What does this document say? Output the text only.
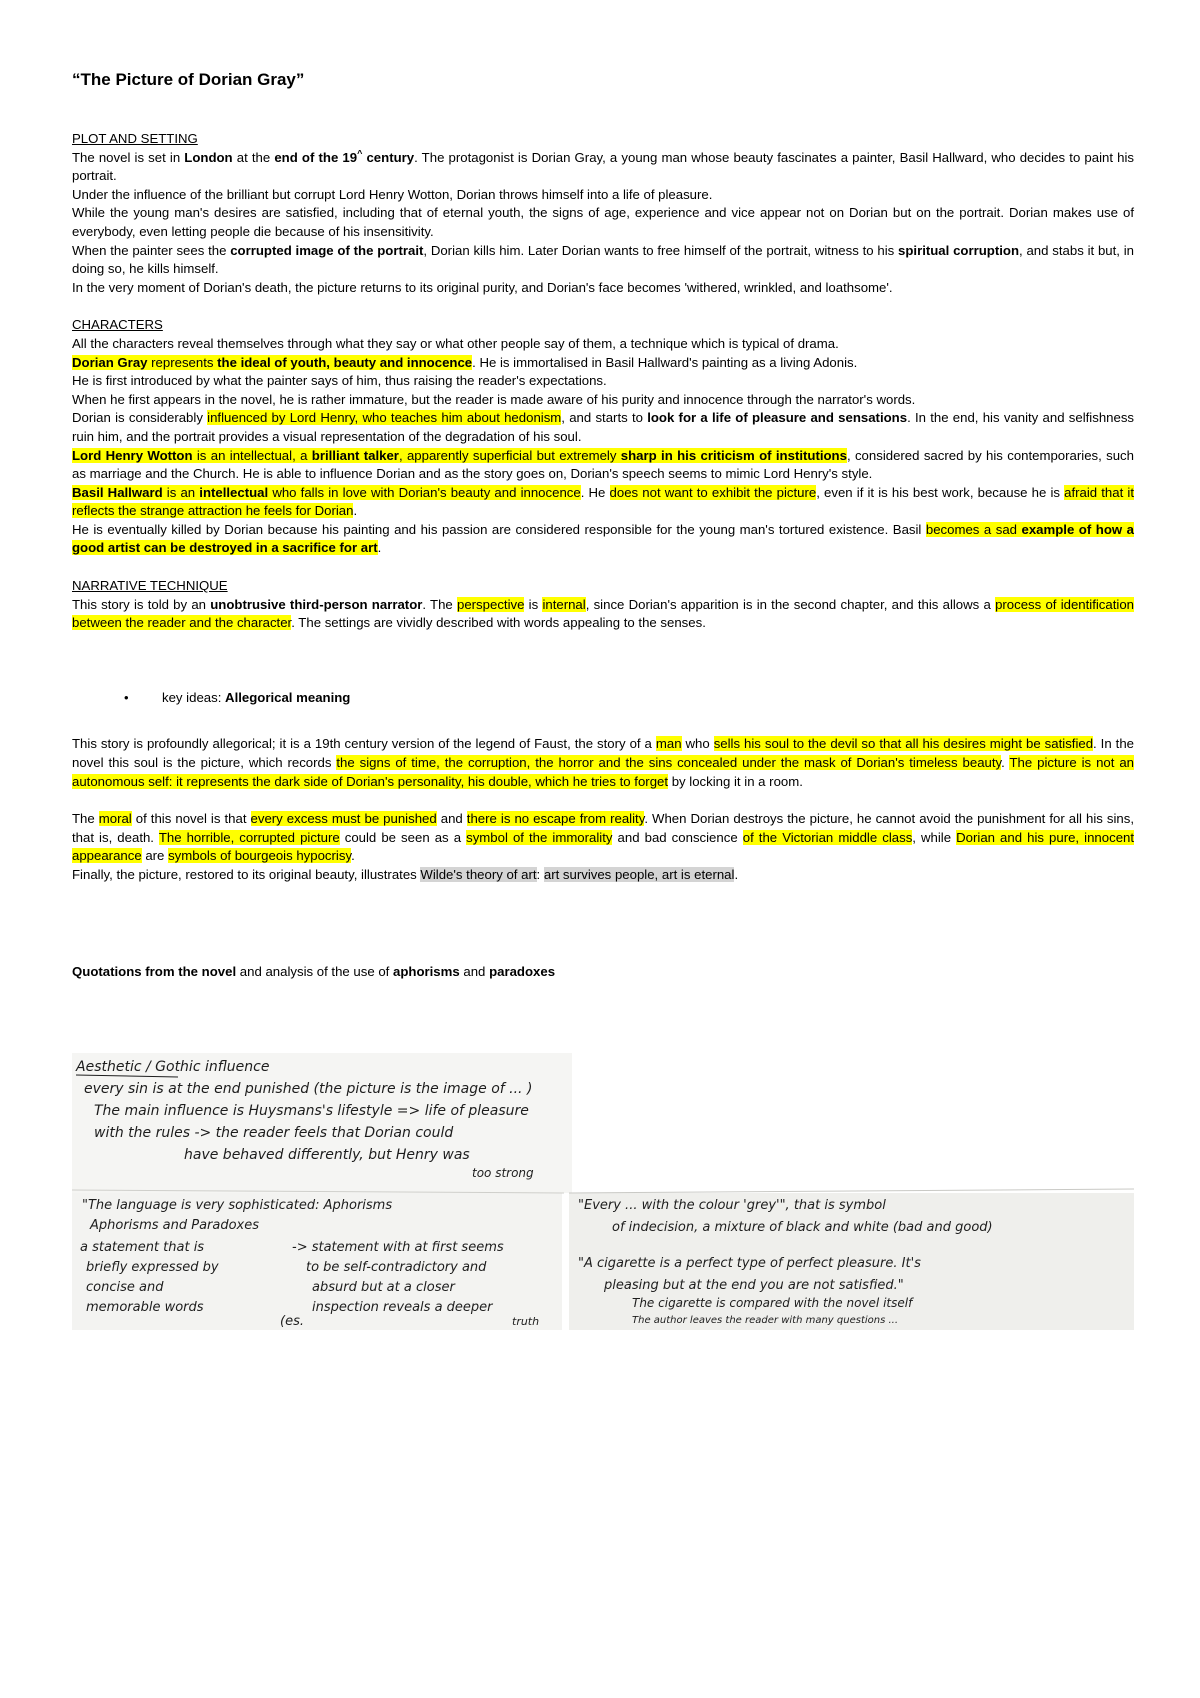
“The Picture of Dorian Gray”

PLOT AND SETTING

The novel is set in London at the end of the 19^ century. The protagonist is Dorian Gray, a young man whose beauty fascinates a painter, Basil Hallward, who decides to paint his portrait.

Under the influence of the brilliant but corrupt Lord Henry Wotton, Dorian throws himself into a life of pleasure.

While the young man's desires are satisfied, including that of eternal youth, the signs of age, experience and vice appear not on Dorian but on the portrait. Dorian makes use of everybody, even letting people die because of his insensitivity.

When the painter sees the corrupted image of the portrait, Dorian kills him. Later Dorian wants to free himself of the portrait, witness to his spiritual corruption, and stabs it but, in doing so, he kills himself.

In the very moment of Dorian's death, the picture returns to its original purity, and Dorian's face becomes 'withered, wrinkled, and loathsome'.

CHARACTERS

All the characters reveal themselves through what they say or what other people say of them, a technique which is typical of drama.

Dorian Gray represents the ideal of youth, beauty and innocence. He is immortalised in Basil Hallward's painting as a living Adonis.

He is first introduced by what the painter says of him, thus raising the reader's expectations.

When he first appears in the novel, he is rather immature, but the reader is made aware of his purity and innocence through the narrator's words.

Dorian is considerably influenced by Lord Henry, who teaches him about hedonism, and starts to look for a life of pleasure and sensations. In the end, his vanity and selfishness ruin him, and the portrait provides a visual representation of the degradation of his soul.

Lord Henry Wotton is an intellectual, a brilliant talker, apparently superficial but extremely sharp in his criticism of institutions, considered sacred by his contemporaries, such as marriage and the Church. He is able to influence Dorian and as the story goes on, Dorian's speech seems to mimic Lord Henry's style.

Basil Hallward is an intellectual who falls in love with Dorian's beauty and innocence. He does not want to exhibit the picture, even if it is his best work, because he is afraid that it reflects the strange attraction he feels for Dorian.

He is eventually killed by Dorian because his painting and his passion are considered responsible for the young man's tortured existence. Basil becomes a sad example of how a good artist can be destroyed in a sacrifice for art.

NARRATIVE TECHNIQUE

This story is told by an unobtrusive third-person narrator. The perspective is internal, since Dorian's apparition is in the second chapter, and this allows a process of identification between the reader and the character. The settings are vividly described with words appealing to the senses.

•	key ideas: Allegorical meaning

This story is profoundly allegorical; it is a 19th century version of the legend of Faust, the story of a man who sells his soul to the devil so that all his desires might be satisfied. In the novel this soul is the picture, which records the signs of time, the corruption, the horror and the sins concealed under the mask of Dorian's timeless beauty. The picture is not an autonomous self: it represents the dark side of Dorian's personality, his double, which he tries to forget by locking it in a room.

The moral of this novel is that every excess must be punished and there is no escape from reality. When Dorian destroys the picture, he cannot avoid the punishment for all his sins, that is, death. The horrible, corrupted picture could be seen as a symbol of the immorality and bad conscience of the Victorian middle class, while Dorian and his pure, innocent appearance are symbols of bourgeois hypocrisy.

Finally, the picture, restored to its original beauty, illustrates Wilde's theory of art: art survives people, art is eternal.

Quotations from the novel and analysis of the use of aphorisms and paradoxes

Aesthetic / Gothic influence
every sin is at the end punished (the picture is the image of ... )
The main influence is Huysmans's lifestyle => life of pleasure
with the rules -> the reader feels that Dorian could
have behaved differently, but Henry was
too strong
"The language is very sophisticated: Aphorisms
Aphorisms and Paradoxes
a statement that is
briefly expressed by
concise and
memorable words
-> statement with at first seems
to be self-contradictory and
absurd but at a closer
inspection reveals a deeper
truth
(es.
"Every ... with the colour 'grey'", that is symbol
of indecision, a mixture of black and white (bad and good)
"A cigarette is a perfect type of perfect pleasure. It's
pleasing but at the end you are not satisfied."
The cigarette is compared with the novel itself
The author leaves the reader with many questions ...
